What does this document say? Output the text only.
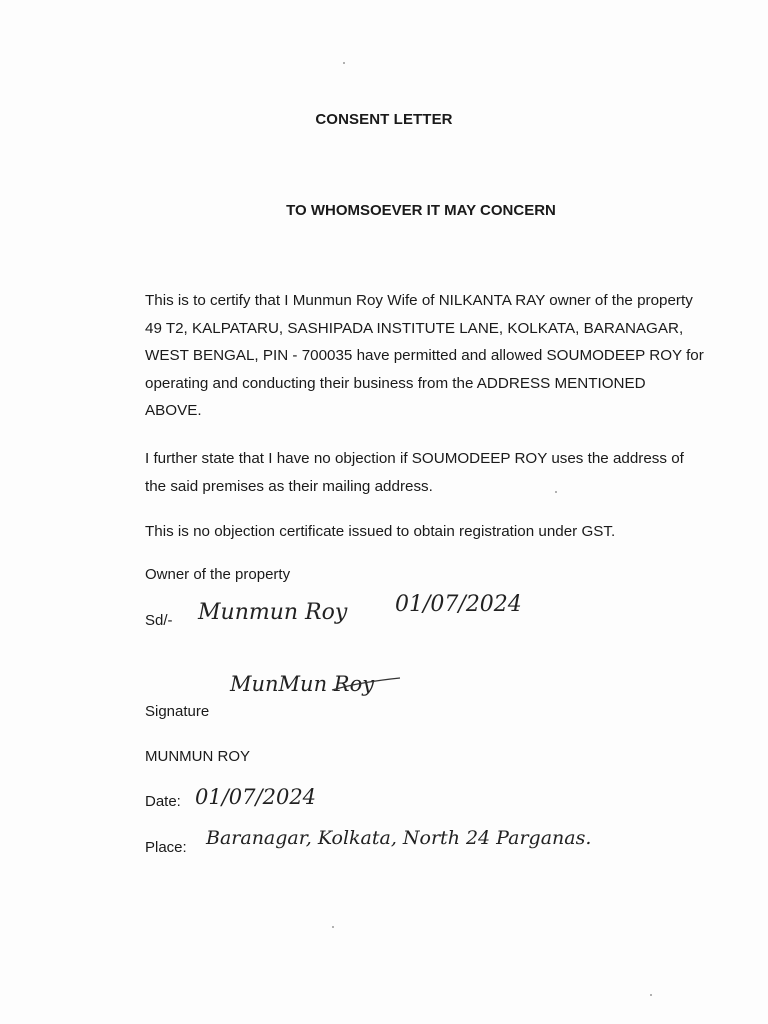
CONSENT LETTER
TO WHOMSOEVER IT MAY CONCERN
This is to certify that I Munmun Roy Wife of NILKANTA RAY owner of the property 49 T2, KALPATARU, SASHIPADA INSTITUTE LANE, KOLKATA, BARANAGAR, WEST BENGAL, PIN - 700035 have permitted and allowed SOUMODEEP ROY for operating and conducting their business from the ADDRESS MENTIONED ABOVE.
I further state that I have no objection if SOUMODEEP ROY uses the address of the said premises as their mailing address.
This is no objection certificate issued to obtain registration under GST.
Owner of the property
Sd/- Munmun Roy 01/07/2024
Signature
MunMun Roy
MUNMUN ROY
Date: 01/07/2024
Place: Baranagar, Kolkata, North 24 Parganas.
